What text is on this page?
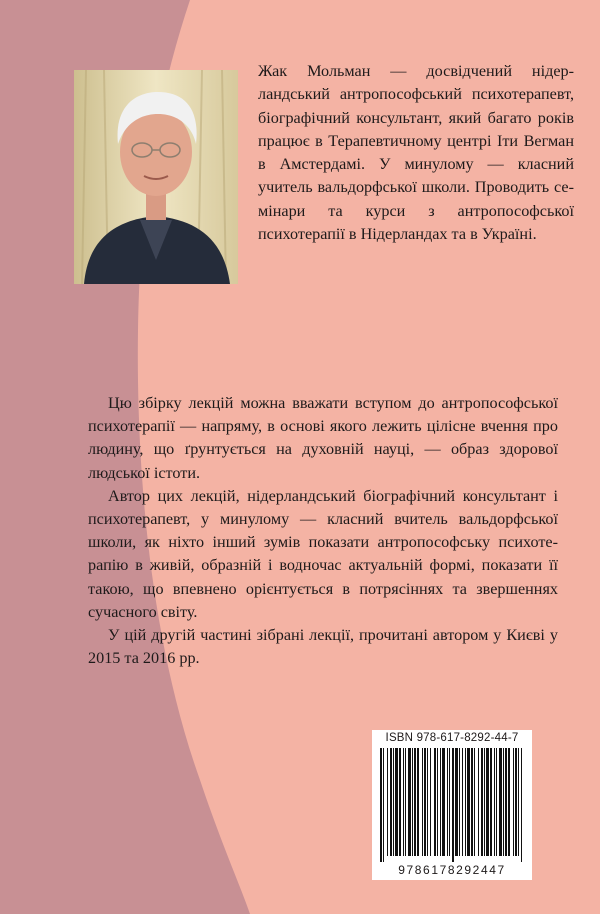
Жак Мольман — досвідчений нідерландський антропософський психотерапевт, біографічний консультант, який багато років працює в Терапевтичному центрі Іти Вегман в Амстердамі. У минулому — класний учитель вальдорфської школи. Проводить семінари та курси з антропософської психотерапії в Нідерландах та в Україні.

Цю збірку лекцій можна вважати вступом до антропософської психотерапії — напряму, в основі якого лежить цілісне вчення про людину, що ґрунтується на духовній науці, — образ здорової людської істоти.

Автор цих лекцій, нідерландський біографічний консультант і психотерапевт, у минулому — класний вчитель вальдорфської школи, як ніхто інший зумів показати антропософську психотерапію в живій, образній і водночас актуальній формі, показати її такою, що впевнено орієнтується в потрясіннях та звершеннях сучасного світу.

У цій другій частині зібрані лекції, прочитані автором у Києві у 2015 та 2016 рр.

ISBN 978-617-8292-44-7
9786178292447
